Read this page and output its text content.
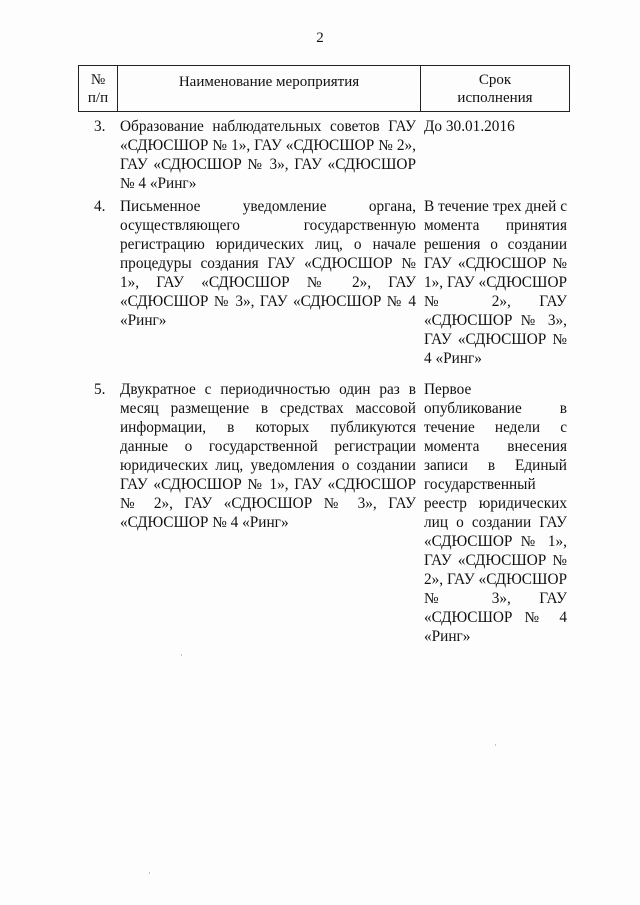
2
№
п/п
Наименование мероприятия	Срок
исполнения
3. Образование наблюдательных советов ГАУ «СДЮСШОР № 1», ГАУ «СДЮСШОР № 2», ГАУ «СДЮСШОР № 3», ГАУ «СДЮСШОР № 4 «Ринг»
До 30.01.2016
4. Письменное уведомление органа, осуществляющего государственную регистрацию юридических лиц, о начале процедуры создания ГАУ «СДЮСШОР № 1», ГАУ «СДЮСШОР № 2», ГАУ «СДЮСШОР № 3», ГАУ «СДЮСШОР № 4 «Ринг»
В течение трех дней с момента принятия решения о создании ГАУ «СДЮСШОР № 1», ГАУ «СДЮСШОР № 2», ГАУ «СДЮСШОР № 3», ГАУ «СДЮСШОР № 4 «Ринг»
5. Двукратное с периодичностью один раз в месяц размещение в средствах массовой информации, в которых публикуются данные о государственной регистрации юридических лиц, уведомления о создании ГАУ «СДЮСШОР № 1», ГАУ «СДЮСШОР № 2», ГАУ «СДЮСШОР № 3», ГАУ «СДЮСШОР № 4 «Ринг»
Первое опубликование в течение недели с момента внесения записи в Единый государственный реестр юридических лиц о создании ГАУ «СДЮСШОР № 1», ГАУ «СДЮСШОР № 2», ГАУ «СДЮСШОР № 3», ГАУ «СДЮСШОР № 4 «Ринг»
·
·
·
